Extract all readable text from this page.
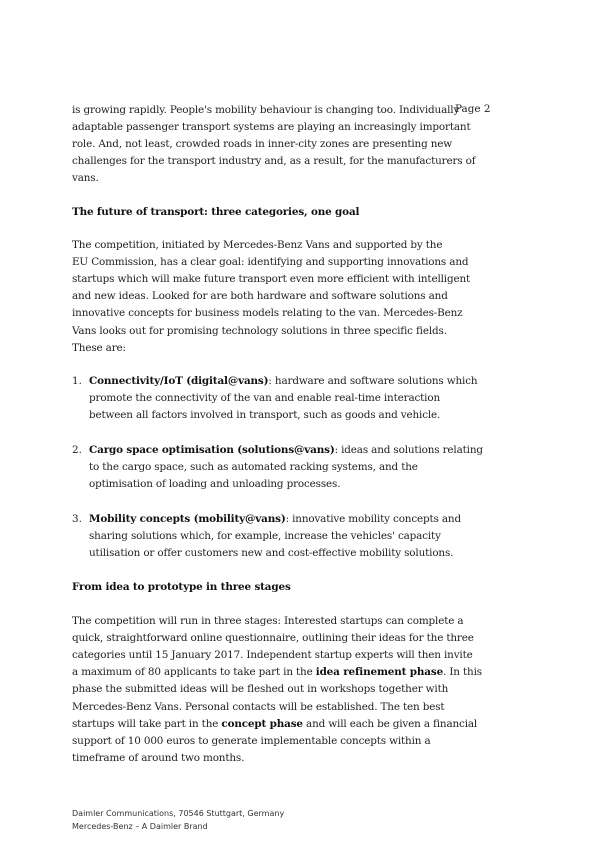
Page 2
is growing rapidly. People's mobility behaviour is changing too. Individually
adaptable passenger transport systems are playing an increasingly important
role. And, not least, crowded roads in inner-city zones are presenting new
challenges for the transport industry and, as a result, for the manufacturers of
vans.
The future of transport: three categories, one goal
The competition, initiated by Mercedes-Benz Vans and supported by the
EU Commission, has a clear goal: identifying and supporting innovations and
startups which will make future transport even more efficient with intelligent
and new ideas. Looked for are both hardware and software solutions and
innovative concepts for business models relating to the van. Mercedes-Benz
Vans looks out for promising technology solutions in three specific fields.
These are:
1. Connectivity/IoT (digital@vans): hardware and software solutions which
promote the connectivity of the van and enable real-time interaction
between all factors involved in transport, such as goods and vehicle.
2. Cargo space optimisation (solutions@vans): ideas and solutions relating
to the cargo space, such as automated racking systems, and the
optimisation of loading and unloading processes.
3. Mobility concepts (mobility@vans): innovative mobility concepts and
sharing solutions which, for example, increase the vehicles' capacity
utilisation or offer customers new and cost-effective mobility solutions.
From idea to prototype in three stages
The competition will run in three stages: Interested startups can complete a
quick, straightforward online questionnaire, outlining their ideas for the three
categories until 15 January 2017. Independent startup experts will then invite
a maximum of 80 applicants to take part in the idea refinement phase. In this
phase the submitted ideas will be fleshed out in workshops together with
Mercedes-Benz Vans. Personal contacts will be established. The ten best
startups will take part in the concept phase and will each be given a financial
support of 10 000 euros to generate implementable concepts within a
timeframe of around two months.
Daimler Communications, 70546 Stuttgart, Germany
Mercedes-Benz – A Daimler Brand
